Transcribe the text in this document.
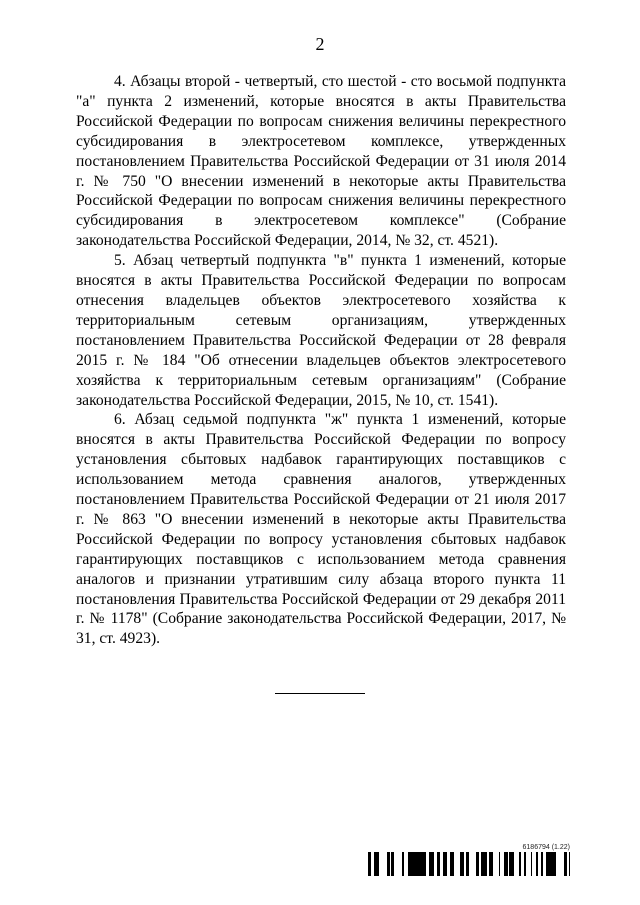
2

4. Абзацы второй - четвертый, сто шестой - сто восьмой подпункта "а" пункта 2 изменений, которые вносятся в акты Правительства Российской Федерации по вопросам снижения величины перекрестного субсидирования в электросетевом комплексе, утвержденных постановлением Правительства Российской Федерации от 31 июля 2014 г. № 750 "О внесении изменений в некоторые акты Правительства Российской Федерации по вопросам снижения величины перекрестного субсидирования в электросетевом комплексе" (Собрание законодательства Российской Федерации, 2014, № 32, ст. 4521).

5. Абзац четвертый подпункта "в" пункта 1 изменений, которые вносятся в акты Правительства Российской Федерации по вопросам отнесения владельцев объектов электросетевого хозяйства к территориальным сетевым организациям, утвержденных постановлением Правительства Российской Федерации от 28 февраля 2015 г. № 184 "Об отнесении владельцев объектов электросетевого хозяйства к территориальным сетевым организациям" (Собрание законодательства Российской Федерации, 2015, № 10, ст. 1541).

6. Абзац седьмой подпункта "ж" пункта 1 изменений, которые вносятся в акты Правительства Российской Федерации по вопросу установления сбытовых надбавок гарантирующих поставщиков с использованием метода сравнения аналогов, утвержденных постановлением Правительства Российской Федерации от 21 июля 2017 г. № 863 "О внесении изменений в некоторые акты Правительства Российской Федерации по вопросу установления сбытовых надбавок гарантирующих поставщиков с использованием метода сравнения аналогов и признании утратившим силу абзаца второго пункта 11 постановления Правительства Российской Федерации от 29 декабря 2011 г. № 1178" (Собрание законодательства Российской Федерации, 2017, № 31, ст. 4923).

6186794 (1.22)
